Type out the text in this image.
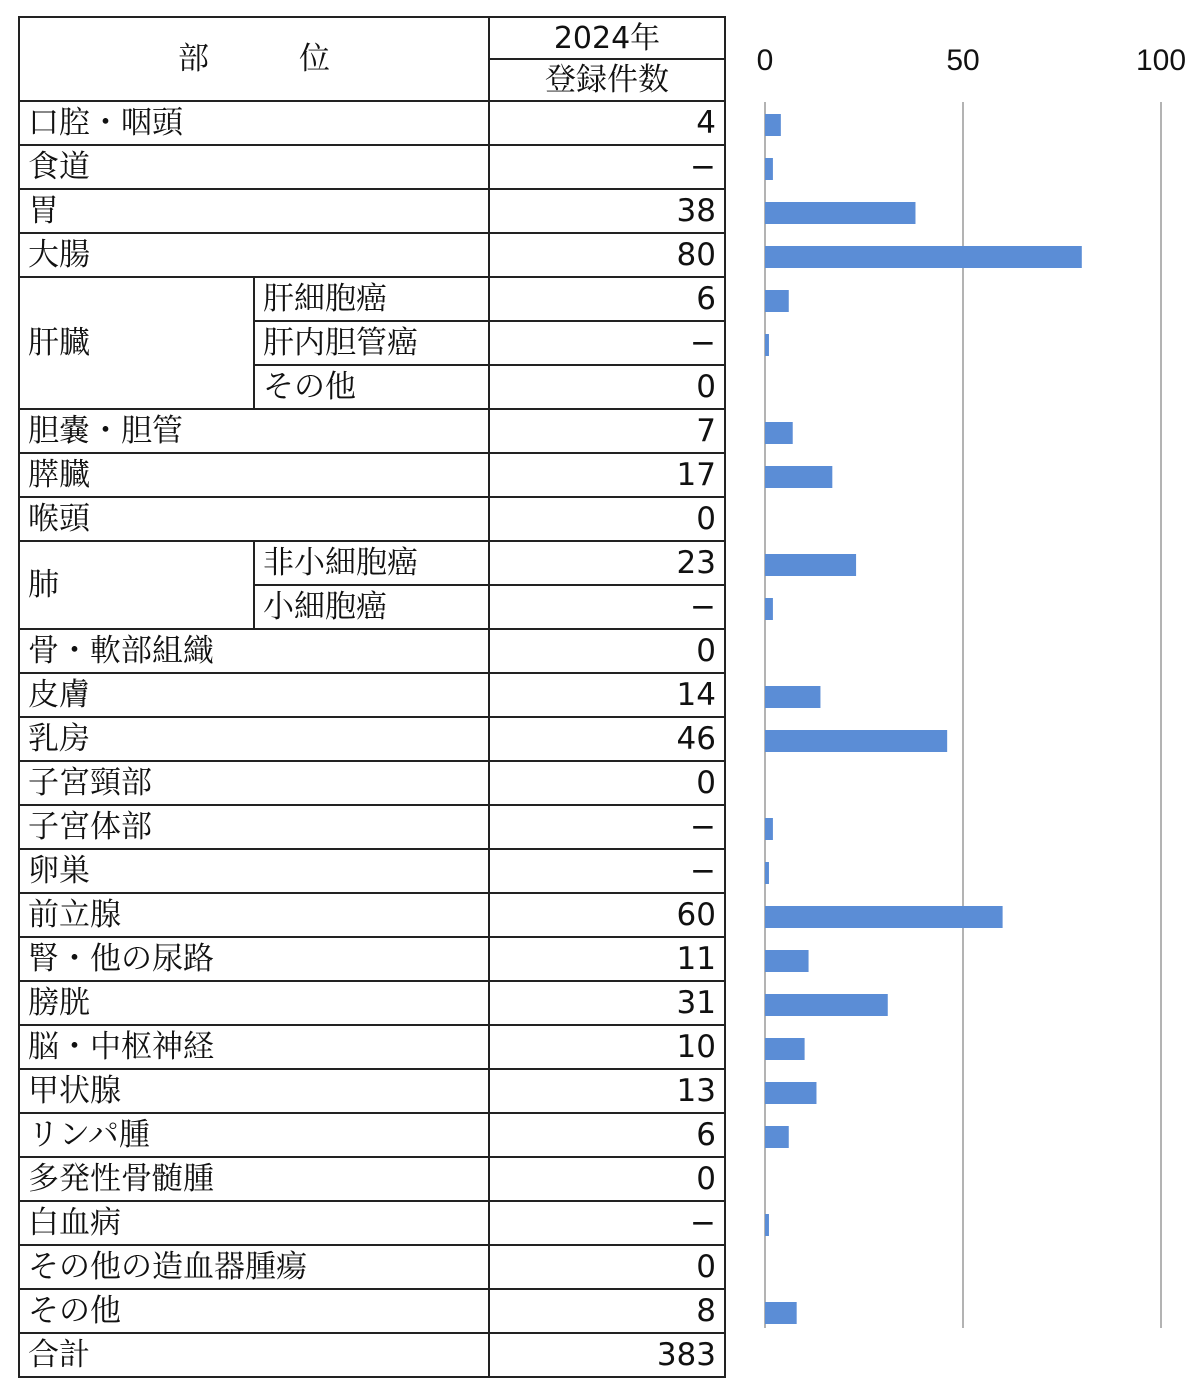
部 位		2024年
登録件数

口腔・咽頭		4
食道		−
胃		38
大腸		80
肝臓	肝細胞癌	6
	肝内胆管癌	−
	その他	0
胆嚢・胆管		7
膵臓		17
喉頭		0
肺	非小細胞癌	23
	小細胞癌	−
骨・軟部組織		0
皮膚		14
乳房		46
子宮頸部		0
子宮体部		−
卵巣		−
前立腺		60
腎・他の尿路		11
膀胱		31
脳・中枢神経		10
甲状腺		13
リンパ腫		6
多発性骨髄腫		0
白血病		−
その他の造血器腫瘍		0
その他		8
合計		383
0	50	100
